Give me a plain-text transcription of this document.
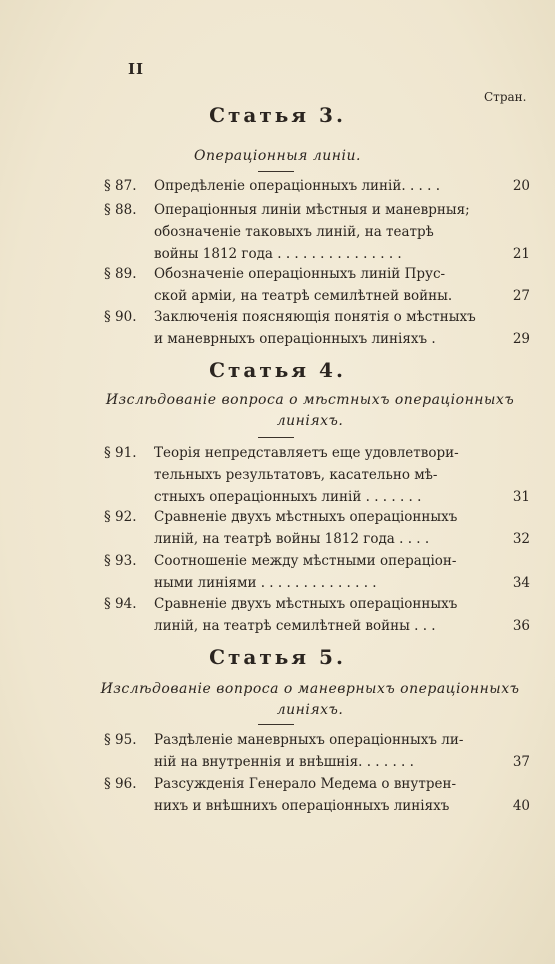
II
Стран.
Статья 3.
Операціонныя линіи.
§ 87.	Опредѣленіе операціонныхъ линій. . . . .	20
§ 88.	Операціонныя линіи мѣстныя и маневрныя;
обозначеніе таковыхъ линій, на театрѣ
войны 1812 года . . . . . . . . . . . . . . .	21
§ 89.	Обозначеніе операціонныхъ линій Прус-
ской арміи, на театрѣ семилѣтней войны.	27
§ 90.	Заключенія поясняющія понятія о мѣстныхъ
и маневрныхъ операціонныхъ линіяхъ .	29
Статья 4.
Изслѣдованіе вопроса о мѣстныхъ операціонныхъ
линіяхъ.
§ 91.	Теорія непредставляетъ еще удовлетвори-
тельныхъ результатовъ, касательно мѣ-
стныхъ операціонныхъ линій . . . . . . .	31
§ 92.	Сравненіе двухъ мѣстныхъ операціонныхъ
линій, на театрѣ войны 1812 года . . . .	32
§ 93.	Соотношеніе между мѣстными операціон-
ными линіями . . . . . . . . . . . . . .	34
§ 94.	Сравненіе двухъ мѣстныхъ операціонныхъ
линій, на театрѣ семилѣтней войны . . .	36
Статья 5.
Изслѣдованіе вопроса о маневрныхъ операціонныхъ
линіяхъ.
§ 95.	Раздѣленіе маневрныхъ операціонныхъ ли-
ній на внутреннія и внѣшнія. . . . . . .	37
§ 96.	Разсужденія Генерало Медема о внутрен-
нихъ и внѣшнихъ операціонныхъ линіяхъ	40
